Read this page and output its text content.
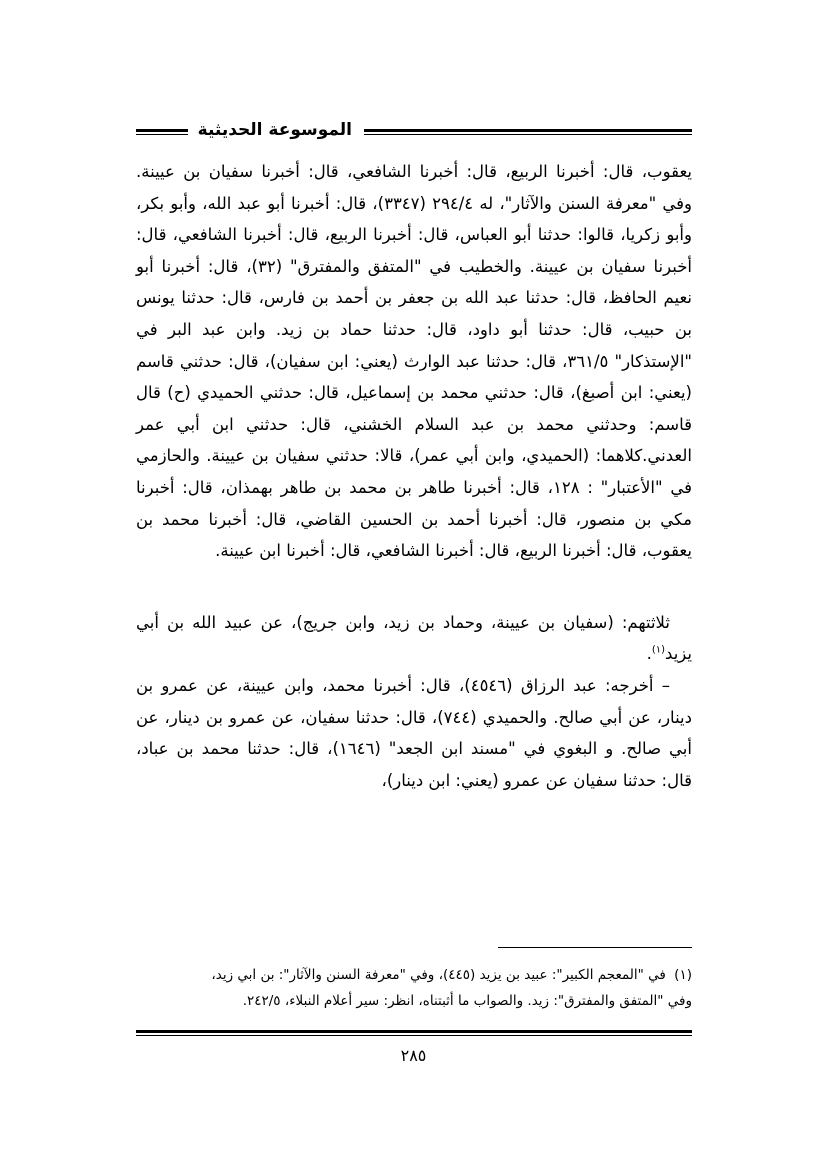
الموسوعة الحديثية

يعقوب، قال: أخبرنا الربيع، قال: أخبرنا الشافعي، قال: أخبرنا سفيان بن عيينة. وفي "معرفة السنن والآثار"، له ٢٩٤/٤ (٣٣٤٧)، قال: أخبرنا أبو عبد الله، وأبو بكر، وأبو زكريا، قالوا: حدثنا أبو العباس، قال: أخبرنا الربيع، قال: أخبرنا الشافعي، قال: أخبرنا سفيان بن عيينة. والخطيب في "المتفق والمفترق" (٣٢)، قال: أخبرنا أبو نعيم الحافظ، قال: حدثنا عبد الله بن جعفر بن أحمد بن فارس، قال: حدثنا يونس بن حبيب، قال: حدثنا أبو داود، قال: حدثنا حماد بن زيد. وابن عبد البر في "الإستذكار" ٣٦١/٥، قال: حدثنا عبد الوارث (يعني: ابن سفيان)، قال: حدثني قاسم (يعني: ابن أصبغ)، قال: حدثني محمد بن إسماعيل، قال: حدثني الحميدي (ح) قال قاسم: وحدثني محمد بن عبد السلام الخشني، قال: حدثني ابن أبي عمر العدني.كلاهما: (الحميدي، وابن أبي عمر)، قالا: حدثني سفيان بن عيينة. والحازمي في "الأعتبار" : ١٢٨، قال: أخبرنا طاهر بن محمد بن طاهر بهمذان، قال: أخبرنا مكي بن منصور، قال: أخبرنا أحمد بن الحسين القاضي، قال: أخبرنا محمد بن يعقوب، قال: أخبرنا الربيع، قال: أخبرنا الشافعي، قال: أخبرنا ابن عيينة.

ثلاثتهم: (سفيان بن عيينة، وحماد بن زيد، وابن جريج)، عن عبيد الله بن أبي يزيد$^{(١)}$.

– أخرجه: عبد الرزاق (٤٥٤٦)، قال: أخبرنا محمد، وابن عيينة، عن عمرو بن دينار، عن أبي صالح. والحميدي (٧٤٤)، قال: حدثنا سفيان، عن عمرو بن دينار، عن أبي صالح. و البغوي في "مسند ابن الجعد" (١٦٤٦)، قال: حدثنا محمد بن عباد، قال: حدثنا سفيان عن عمرو (يعني: ابن دينار)،

(١) في "المعجم الكبير": عبيد بن يزيد (٤٤٥)، وفي "معرفة السنن والآثار": بن ابي زيد،

وفي "المتفق والمفترق": زيد. والصواب ما أثبتناه، انظر: سير أعلام النبلاء، ٢٤٢/٥.

٢٨٥
